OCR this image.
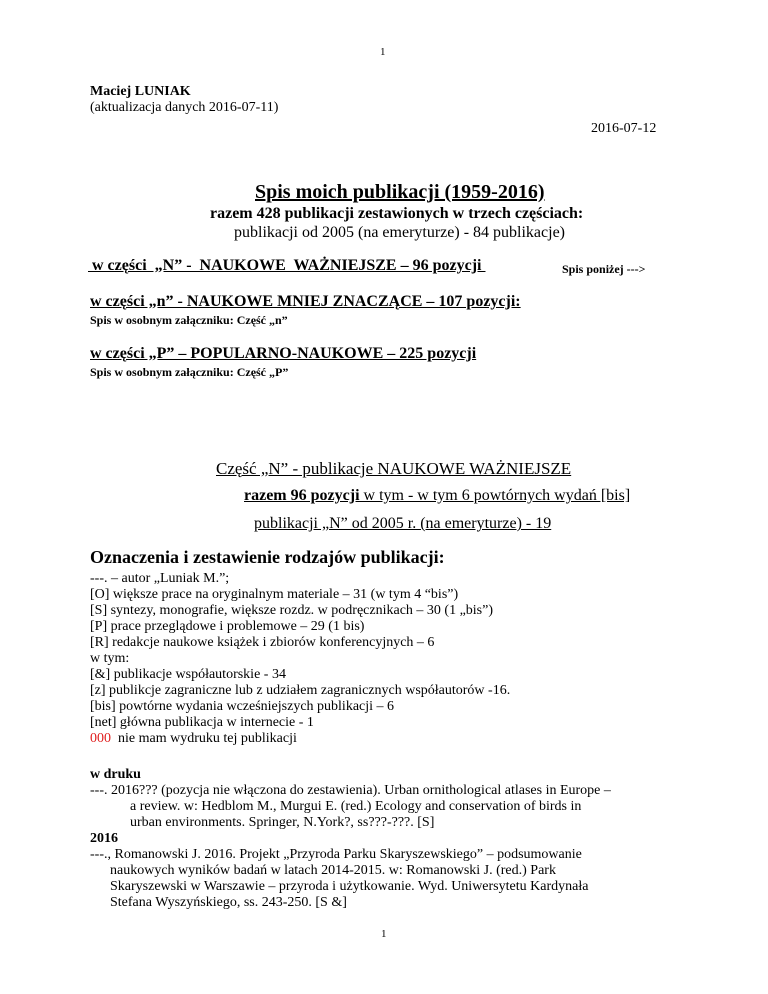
1
Maciej LUNIAK
(aktualizacja danych 2016-07-11)
2016-07-12
Spis moich publikacji (1959-2016)
razem 428 publikacji zestawionych w trzech częściach:
publikacji od 2005 (na emeryturze) - 84 publikacje)
w części  „N” -  NAUKOWE  WAŻNIEJSZE – 96 pozycji	Spis poniżej --->
w części „n” - NAUKOWE MNIEJ ZNACZĄCE – 107 pozycji:
Spis w osobnym załączniku: Część „n”
w części „P” – POPULARNO-NAUKOWE – 225 pozycji
Spis w osobnym załączniku: Część „P”
Część „N” - publikacje NAUKOWE WAŻNIEJSZE
razem 96 pozycji w tym - w tym 6 powtórnych wydań [bis]
publikacji „N” od 2005 r. (na emeryturze) - 19
Oznaczenia i zestawienie rodzajów publikacji:
---. – autor „Luniak M.”;
[O] większe prace na oryginalnym materiale – 31 (w tym 4 “bis”)
[S] syntezy, monografie, większe rozdz. w podręcznikach – 30 (1 „bis”)
[P] prace przeglądowe i problemowe – 29 (1 bis)
[R] redakcje naukowe książek i zbiorów konferencyjnych – 6
w tym:
[&] publikacje współautorskie - 34
[z] publikcje zagraniczne lub z udziałem zagranicznych współautorów -16.
[bis] powtórne wydania wcześniejszych publikacji – 6
[net] główna publikacja w internecie - 1
000  nie mam wydruku tej publikacji
w druku
---. 2016??? (pozycja nie włączona do zestawienia). Urban ornithological atlases in Europe –
a review. w: Hedblom M., Murgui E. (red.) Ecology and conservation of birds in
urban environments. Springer, N.York?, ss???-???. [S]
2016
---., Romanowski J. 2016. Projekt „Przyroda Parku Skaryszewskiego” – podsumowanie
naukowych wyników badań w latach 2014-2015. w: Romanowski J. (red.) Park
Skaryszewski w Warszawie – przyroda i użytkowanie. Wyd. Uniwersytetu Kardynała
Stefana Wyszyńskiego, ss. 243-250. [S &]
1
